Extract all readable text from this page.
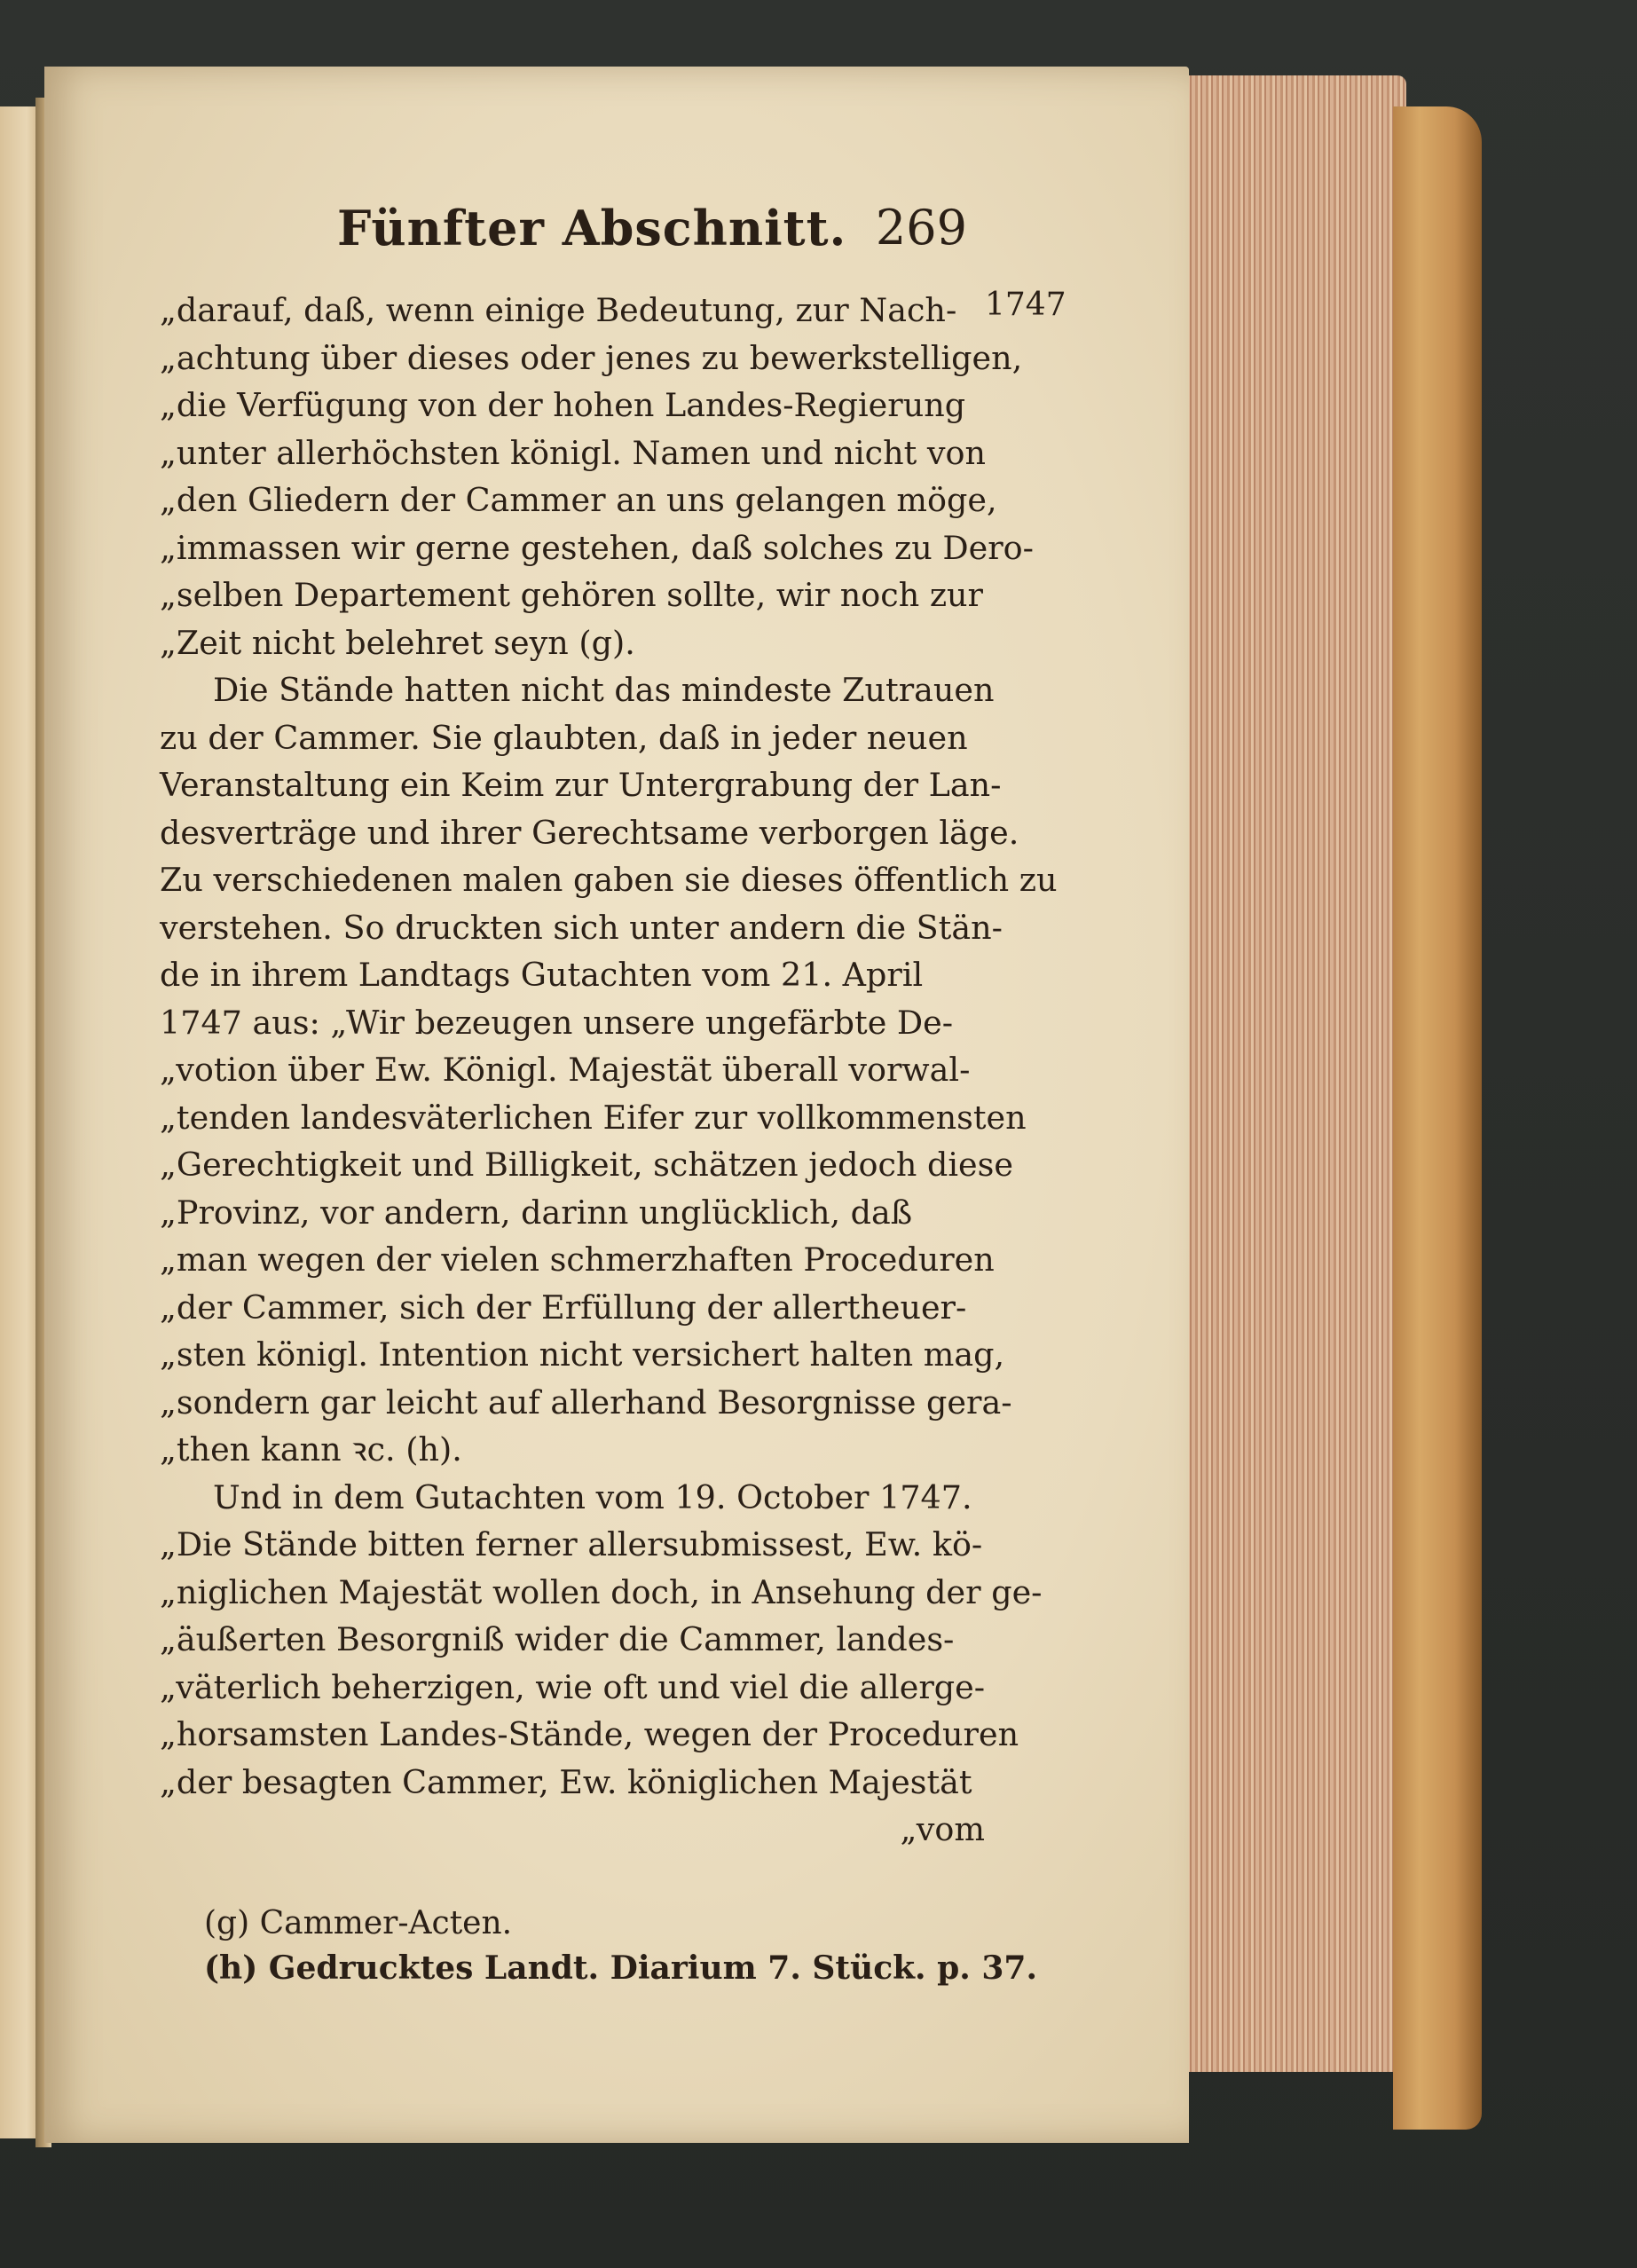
Fünfter Abschnitt. 269
1747
„darauf, daß, wenn einige Bedeutung, zur Nach-
„achtung über dieses oder jenes zu bewerkstelligen,
„die Verfügung von der hohen Landes-Regierung
„unter allerhöchsten königl. Namen und nicht von
„den Gliedern der Cammer an uns gelangen möge,
„immassen wir gerne gestehen, daß solches zu Dero-
„selben Departement gehören sollte, wir noch zur
„Zeit nicht belehret seyn (g).
Die Stände hatten nicht das mindeste Zutrauen
zu der Cammer. Sie glaubten, daß in jeder neuen
Veranstaltung ein Keim zur Untergrabung der Lan-
desverträge und ihrer Gerechtsame verborgen läge.
Zu verschiedenen malen gaben sie dieses öffentlich zu
verstehen. So druckten sich unter andern die Stän-
de in ihrem Landtags Gutachten vom 21. April
1747 aus: „Wir bezeugen unsere ungefärbte De-
„votion über Ew. Königl. Majestät überall vorwal-
„tenden landesväterlichen Eifer zur vollkommensten
„Gerechtigkeit und Billigkeit, schätzen jedoch diese
„Provinz, vor andern, darinn unglücklich, daß
„man wegen der vielen schmerzhaften Proceduren
„der Cammer, sich der Erfüllung der allertheuer-
„sten königl. Intention nicht versichert halten mag,
„sondern gar leicht auf allerhand Besorgnisse gera-
„then kann ꝛc. (h).
Und in dem Gutachten vom 19. October 1747.
„Die Stände bitten ferner allersubmissest, Ew. kö-
„niglichen Majestät wollen doch, in Ansehung der ge-
„äußerten Besorgniß wider die Cammer, landes-
„väterlich beherzigen, wie oft und viel die allerge-
„horsamsten Landes-Stände, wegen der Proceduren
„der besagten Cammer, Ew. königlichen Majestät
„vom
(g) Cammer-Acten.
(h) Gedrucktes Landt. Diarium 7. Stück. p. 37.
